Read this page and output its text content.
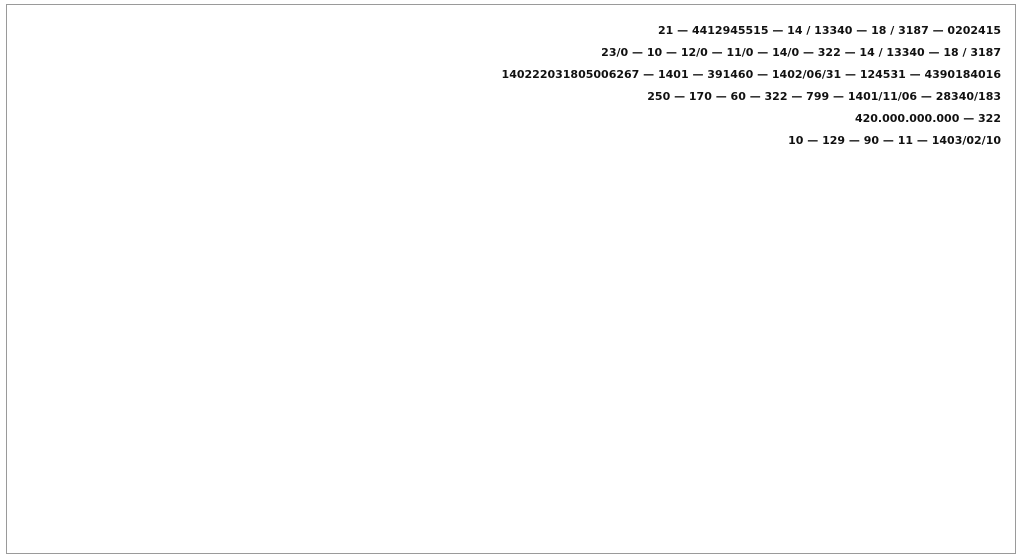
0202415 — 3187 / 18 — 13340 / 14 — 4412945515 — 21

3187 / 18 — 13340 / 14 — 322 — 14/0 — 11/0 — 12/0 — 10 — 23/0

4390184016 — 124531 — 1402/06/31 — 391460 — 1401 — 140222031805006267

28340/183 — 1401/11/06 — 799 — 322 — 60 — 170 — 250

322 — 420.000.000.000

1403/02/10 — 11 — 90 — 129 — 10
